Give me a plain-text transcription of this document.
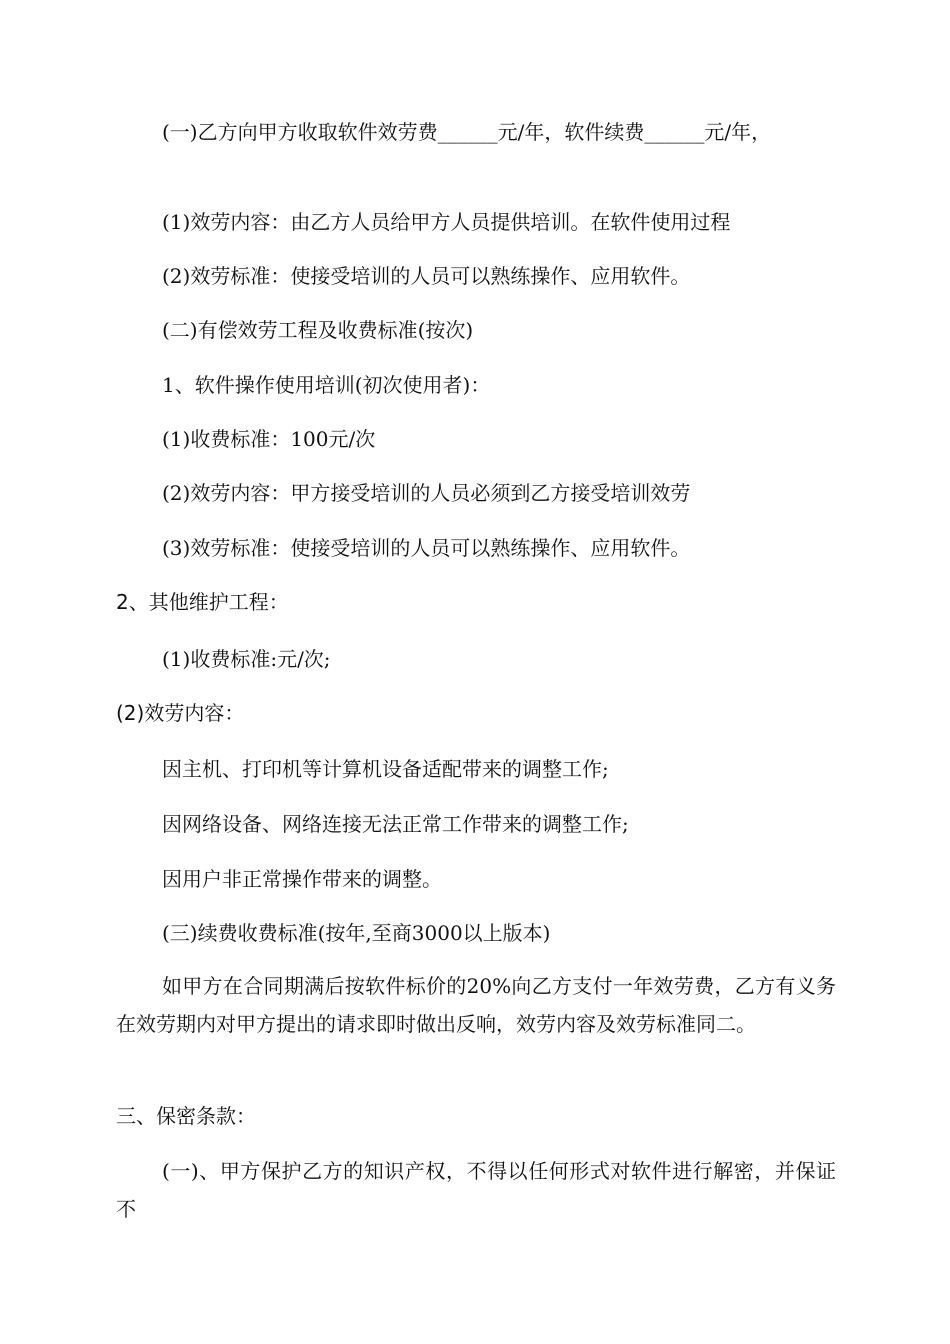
(一)乙方向甲方收取软件效劳费______元/年，软件续费______元/年，
(1)效劳内容：由乙方人员给甲方人员提供培训。在软件使用过程
(2)效劳标准：使接受培训的人员可以熟练操作、应用软件。
(二)有偿效劳工程及收费标准(按次)
1、软件操作使用培训(初次使用者)：
(1)收费标准：100元/次
(2)效劳内容：甲方接受培训的人员必须到乙方接受培训效劳
(3)效劳标准：使接受培训的人员可以熟练操作、应用软件。
2、其他维护工程：
(1)收费标准:元/次;
(2)效劳内容：
因主机、打印机等计算机设备适配带来的调整工作;
因网络设备、网络连接无法正常工作带来的调整工作;
因用户非正常操作带来的调整。
(三)续费收费标准(按年,至商3000以上版本)
如甲方在合同期满后按软件标价的20%向乙方支付一年效劳费，乙方有义务在效劳期内对甲方提出的请求即时做出反响，效劳内容及效劳标准同二。
三、保密条款：
(一)、甲方保护乙方的知识产权，不得以任何形式对软件进行解密，并保证不
